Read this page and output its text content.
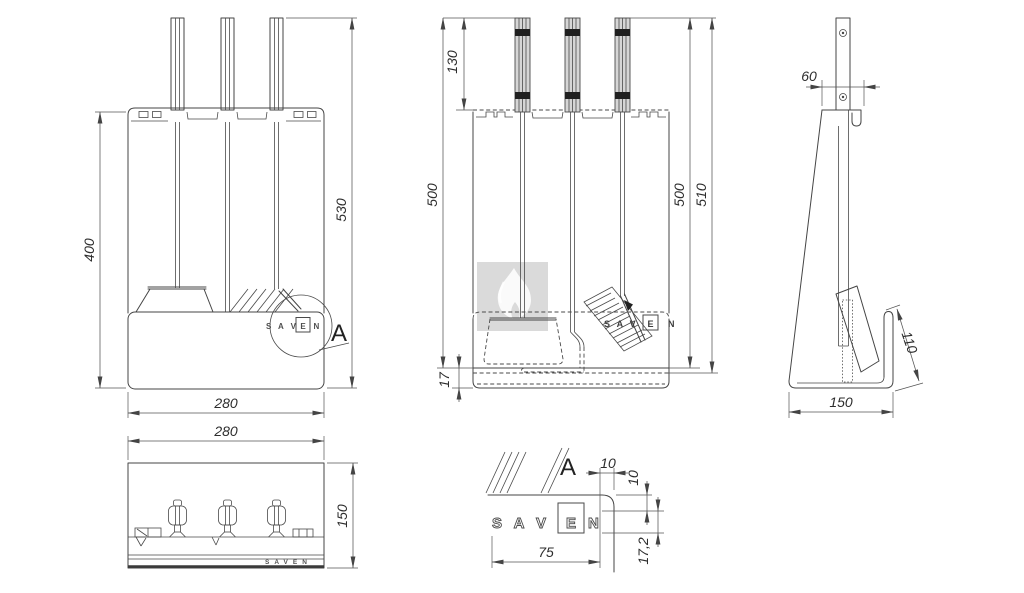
S A V E N A
400
530
280
S A V E N
130
500
17
500 510
60
110
150
SAVEN
280
150
A
S A V E N
10
10
17,2
75
